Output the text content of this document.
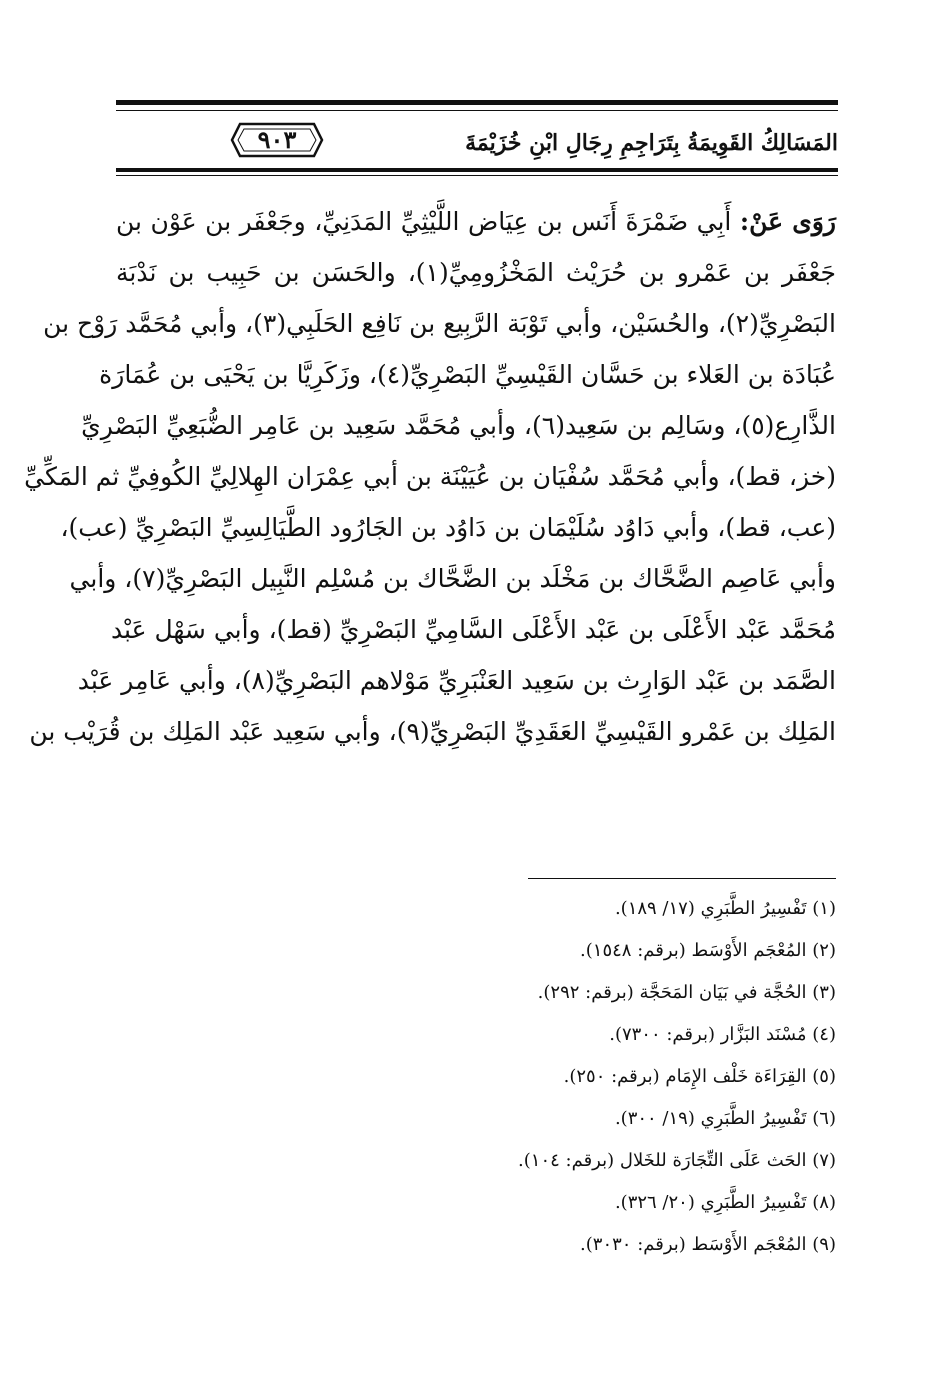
المَسَالِكُ القَوِيمَةُ بِتَرَاجِمِ رِجَالِ ابْنِ خُزَيْمَةَ
٩٠٣
رَوَى عَنْ: أَبِي ضَمْرَةَ أَنَس بن عِيَاض اللَّيْثِيِّ المَدَنِيِّ، وجَعْفَر بن عَوْن بن
جَعْفَر بن عَمْرو بن حُرَيْث المَخْزُومِيِّ(١)، والحَسَن بن حَبِيب بن نَدْبَة
البَصْرِيِّ(٢)، والحُسَيْن، وأبي تَوْبَة الرَّبِيع بن نَافِع الحَلَبِي(٣)، وأبي مُحَمَّد رَوْح بن
عُبَادَة بن العَلاء بن حَسَّان القَيْسِيِّ البَصْرِيِّ(٤)، وزَكَرِيَّا بن يَحْيَى بن عُمَارَة
الذَّارِع(٥)، وسَالِم بن سَعِيد(٦)، وأبي مُحَمَّد سَعِيد بن عَامِر الضُّبَعِيِّ البَصْرِيِّ
(خز، قط)، وأبي مُحَمَّد سُفْيَان بن عُيَيْنَة بن أبي عِمْرَان الهِلالِيِّ الكُوفِيِّ ثم المَكِّيِّ
(عب، قط)، وأبي دَاوُد سُلَيْمَان بن دَاوُد بن الجَارُود الطَّيَالِسِيِّ البَصْرِيِّ (عب)،
وأبي عَاصِم الضَّحَّاك بن مَخْلَد بن الضَّحَّاك بن مُسْلِم النَّبِيل البَصْرِيِّ(٧)، وأبي
مُحَمَّد عَبْد الأَعْلَى بن عَبْد الأَعْلَى السَّامِيِّ البَصْرِيِّ (قط)، وأبي سَهْل عَبْد
الصَّمَد بن عَبْد الوَارِث بن سَعِيد العَنْبَرِيِّ مَوْلاهم البَصْرِيِّ(٨)، وأبي عَامِر عَبْد
المَلِك بن عَمْرو القَيْسِيِّ العَقَدِيِّ البَصْرِيِّ(٩)، وأبي سَعِيد عَبْد المَلِك بن قُرَيْب بن
(١) تَفْسِيرُ الطَّبَرِي (١٧/ ١٨٩).
(٢) المُعْجَم الأَوْسَط (برقم: ١٥٤٨).
(٣) الحُجَّة في بَيَان المَحَجَّة (برقم: ٢٩٢).
(٤) مُسْنَد البَزَّار (برقم: ٧٣٠٠).
(٥) القِرَاءَة خَلْف الإِمَام (برقم: ٢٥٠).
(٦) تَفْسِيرُ الطَّبَرِي (١٩/ ٣٠٠).
(٧) الحَث عَلَى التِّجَارَة للخَلال (برقم: ١٠٤).
(٨) تَفْسِيرُ الطَّبَرِي (٢٠/ ٣٢٦).
(٩) المُعْجَم الأَوْسَط (برقم: ٣٠٣٠).
